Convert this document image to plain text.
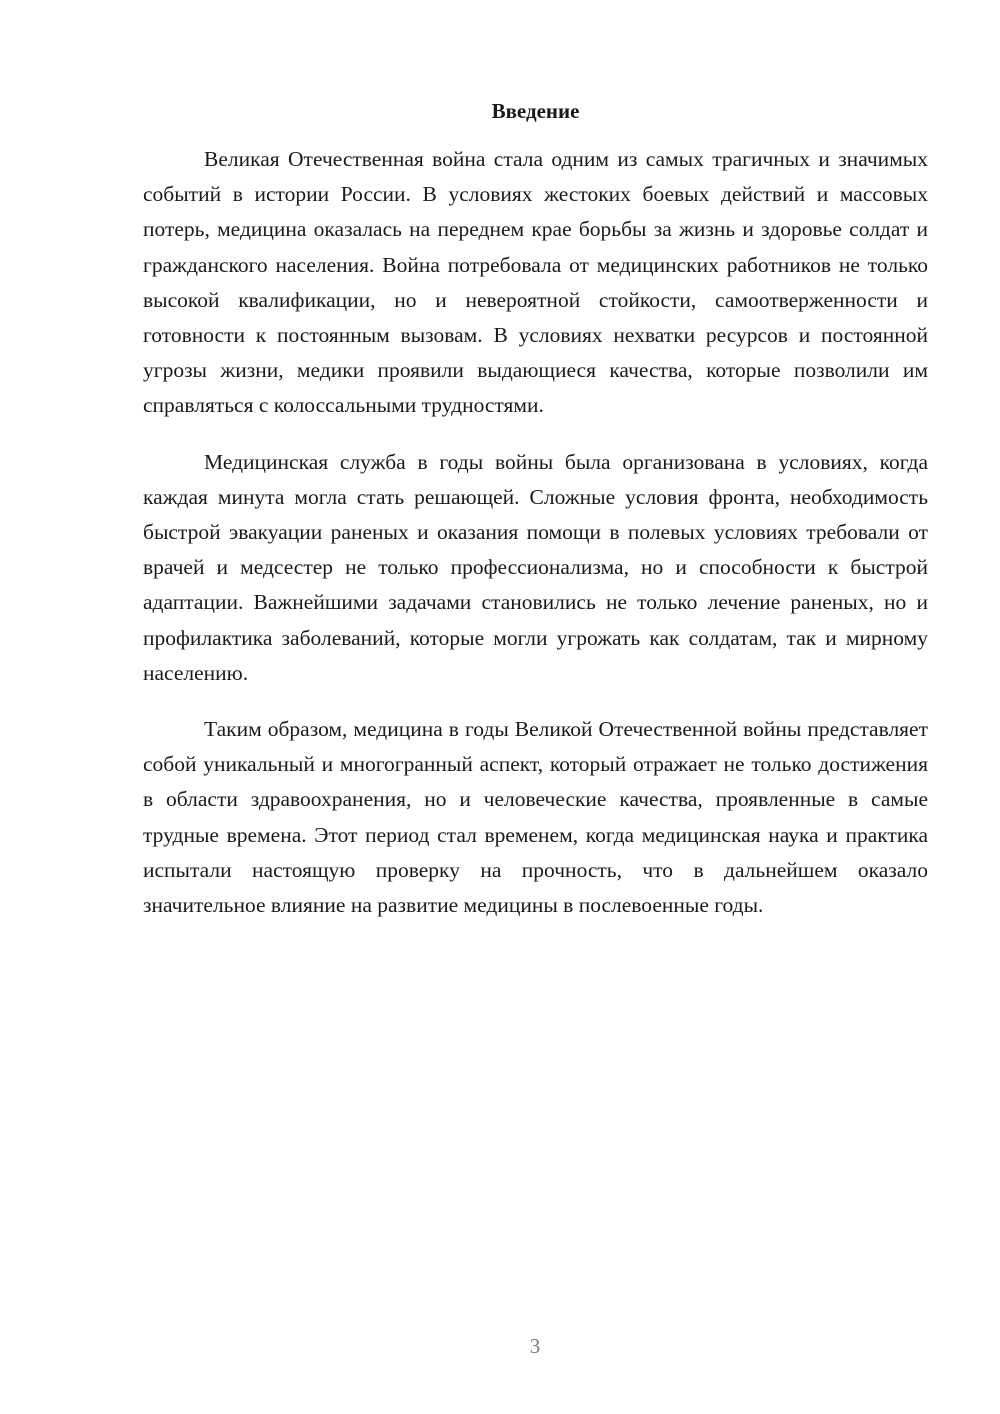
Введение

Великая Отечественная война стала одним из самых трагичных и значимых событий в истории России. В условиях жестоких боевых действий и массовых потерь, медицина оказалась на переднем крае борьбы за жизнь и здоровье солдат и гражданского населения. Война потребовала от медицинских работников не только высокой квалификации, но и невероятной стойкости, самоотверженности и готовности к постоянным вызовам. В условиях нехватки ресурсов и постоянной угрозы жизни, медики проявили выдающиеся качества, которые позволили им справляться с колоссальными трудностями.

Медицинская служба в годы войны была организована в условиях, когда каждая минута могла стать решающей. Сложные условия фронта, необходимость быстрой эвакуации раненых и оказания помощи в полевых условиях требовали от врачей и медсестер не только профессионализма, но и способности к быстрой адаптации. Важнейшими задачами становились не только лечение раненых, но и профилактика заболеваний, которые могли угрожать как солдатам, так и мирному населению.

Таким образом, медицина в годы Великой Отечественной войны представляет собой уникальный и многогранный аспект, который отражает не только достижения в области здравоохранения, но и человеческие качества, проявленные в самые трудные времена. Этот период стал временем, когда медицинская наука и практика испытали настоящую проверку на прочность, что в дальнейшем оказало значительное влияние на развитие медицины в послевоенные годы.

3
